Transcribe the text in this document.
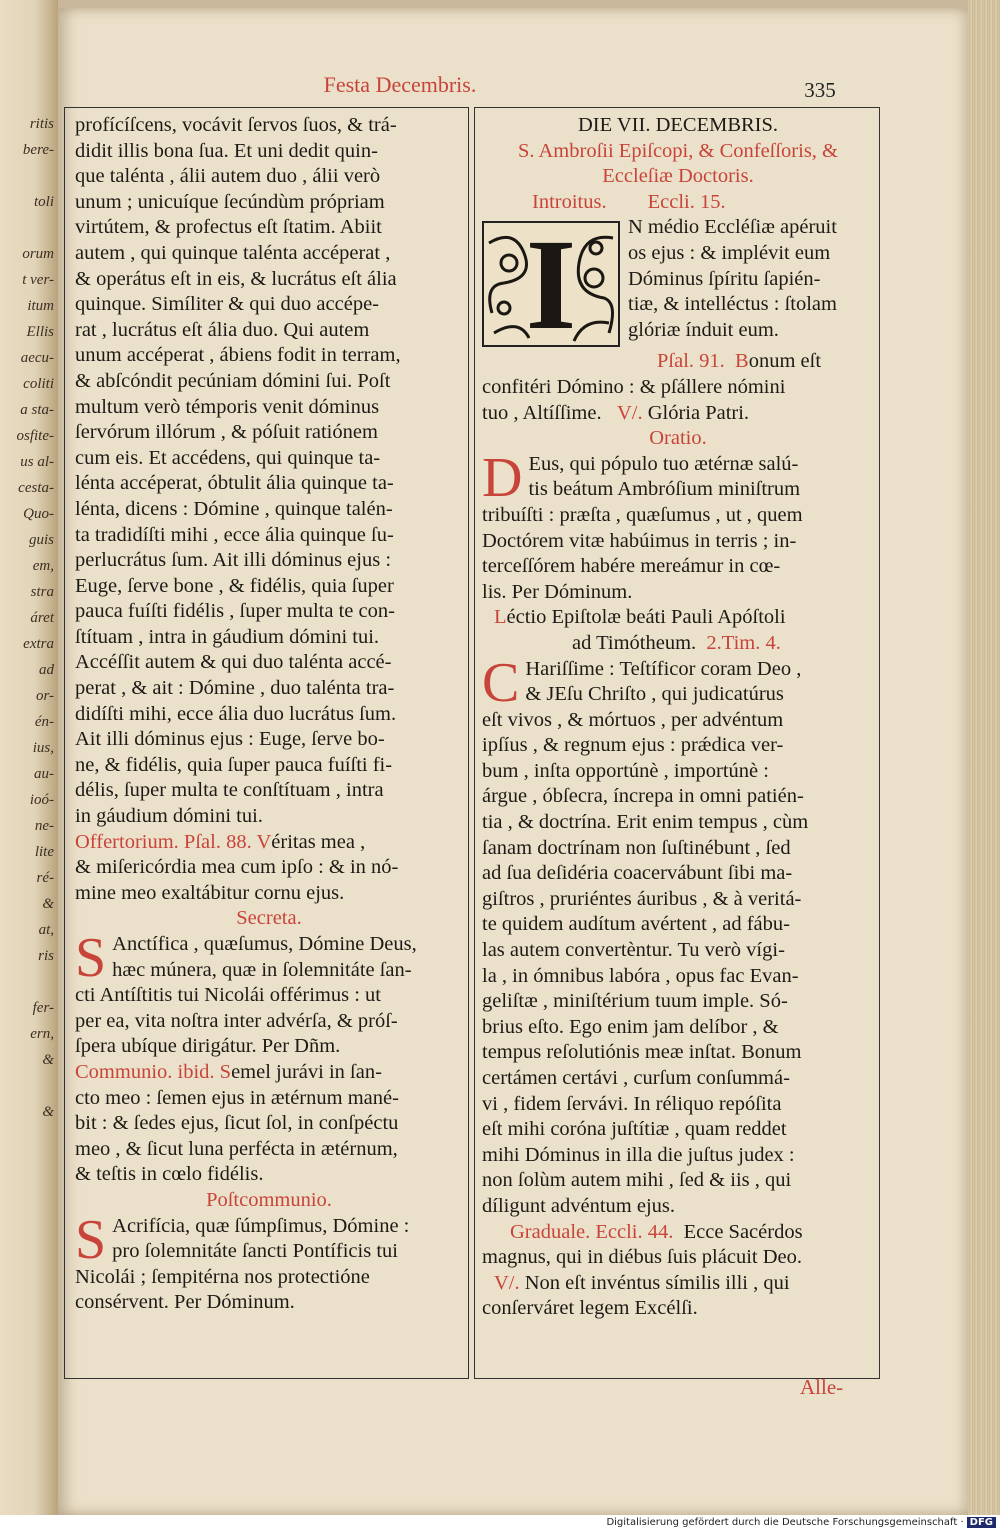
ritis
bere-
toli
orum
t ver-
itum
Ellis
aecu-
coliti
a sta-
osfite-
us al-
cesta-
Quo-
guis
em,
stra
áret
extra
ad
or-
én-
ius,
au-
ioó-
ne-
lite
ré-
&
at,
ris
fer-
ern,
&
&
Festa Decembris.	335
profícíſcens, vocávit ſervos ſuos, & trá-
didit illis bona ſua. Et uni dedit quin-
que talénta , álii autem duo , álii verò
unum ; unicuíque ſecúndùm própriam
virtútem, & profectus eſt ſtatim. Abiit
autem , qui quinque talénta accéperat ,
& operátus eſt in eis, & lucrátus eſt ália
quinque. Simíliter & qui duo accépe-
rat , lucrátus eſt ália duo. Qui autem
unum accéperat , ábiens fodit in terram,
& abſcóndit pecúniam dómini ſui. Poſt
multum verò témporis venit dóminus
ſervórum illórum , & póſuit ratiónem
cum eis. Et accédens, qui quinque ta-
lénta accéperat, óbtulit ália quinque ta-
lénta, dicens : Dómine , quinque talén-
ta tradidíſti mihi , ecce ália quinque ſu-
perlucrátus ſum. Ait illi dóminus ejus :
Euge, ſerve bone , & fidélis, quia ſuper
pauca fuíſti fidélis , ſuper multa te con-
ſtítuam , intra in gáudium dómini tui.
Accéſſit autem & qui duo talénta accé-
perat , & ait : Dómine , duo talénta tra-
didíſti mihi, ecce ália duo lucrátus ſum.
Ait illi dóminus ejus : Euge, ſerve bo-
ne, & fidélis, quia ſuper pauca fuíſti fi-
délis, ſuper multa te conſtítuam , intra
in gáudium dómini tui.
Offertorium. Pſal. 88. Véritas mea ,
& miſericórdia mea cum ipſo : & in nó-
mine meo exaltábitur cornu ejus.
Secreta.
S Anctífica , quæſumus, Dómine Deus,
hæc múnera, quæ in ſolemnitáte ſan-
cti Antíſtitis tui Nicolái offérimus : ut
per ea, vita noſtra inter advérſa, & próſ-
ſpera ubíque dirigátur. Per Dñm.
Communio. ibid. Semel jurávi in ſan-
cto meo : ſemen ejus in ætérnum mané-
bit : & ſedes ejus, ſicut ſol, in conſpéctu
meo , & ſicut luna perfécta in ætérnum,
& teſtis in cœlo fidélis.
Poſtcommunio.
S Acrifícia, quæ ſúmpſimus, Dómine :
pro ſolemnitáte ſancti Pontíficis tui
Nicolái ; ſempitérna nos protectióne
consérvent. Per Dóminum.
DIE VII. DECEMBRIS.
S. Ambroſii Epiſcopi, & Confeſſoris, &
Eccleſiæ Doctoris.
Introitus. Eccli. 15.
I	N médio Eccléſiæ apéruit
os ejus : & implévit eum
Dóminus ſpíritu ſapién-
tiæ, & intelléctus : ſtolam
glóriæ índuit eum.
Pſal. 91. Bonum eſt
confitéri Dómino : & pſállere nómini
tuo , Altíſſime. V/. Glória Patri.
Oratio.
D Eus, qui pópulo tuo ætérnæ salú-
tis beátum Ambróſium miniſtrum
tribuíſti : præſta , quæſumus , ut , quem
Doctórem vitæ habúimus in terris ; in-
terceſſórem habére mereámur in cœ-
lis. Per Dóminum.
Léctio Epiſtolæ beáti Pauli Apóſtoli
ad Timótheum. 2.Tim. 4.
C Hariſſime : Teſtíficor coram Deo ,
& JEſu Chriſto , qui judicatúrus
eſt vivos , & mórtuos , per advéntum
ipſíus , & regnum ejus : prǽdica ver-
bum , inſta opportúnè , importúnè :
árgue , óbſecra, íncrepa in omni patién-
tia , & doctrína. Erit enim tempus , cùm
ſanam doctrínam non ſuſtinébunt , ſed
ad ſua deſidéria coacervábunt ſibi ma-
giſtros , pruriéntes áuribus , & à veritá-
te quidem audítum avértent , ad fábu-
las autem convertèntur. Tu verò vígi-
la , in ómnibus labóra , opus fac Evan-
geliſtæ , miniſtérium tuum imple. Só-
brius eſto. Ego enim jam delíbor , &
tempus reſolutiónis meæ inſtat. Bonum
certámen certávi , curſum conſummá-
vi , fidem ſervávi. In réliquo repóſita
eſt mihi coróna juſtítiæ , quam reddet
mihi Dóminus in illa die juſtus judex :
non ſolùm autem mihi , ſed & iis , qui
díligunt advéntum ejus.
Graduale. Eccli. 44. Ecce Sacérdos
magnus, qui in diébus ſuis plácuit Deo.
V/. Non eſt invéntus símilis illi , qui
conſerváret legem Excélſi.
Alle-
Digitalisierung gefördert durch die Deutsche Forschungsgemeinschaft · DFG
